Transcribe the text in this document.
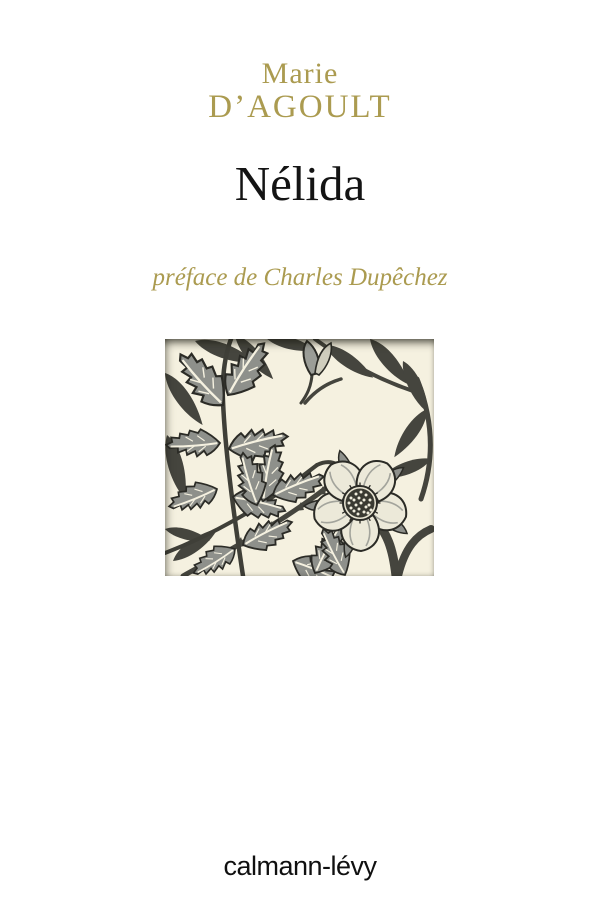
Marie
D’AGOULT
Nélida
préface de Charles Dupêchez
calmann-lévy
